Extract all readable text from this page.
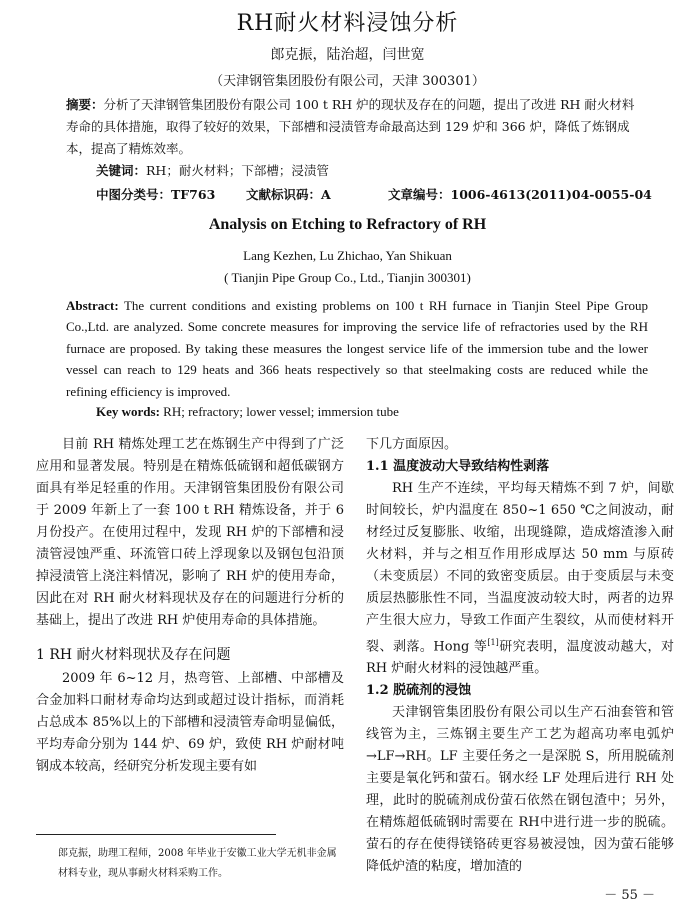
RH耐火材料浸蚀分析
郎克振，陆治超，闫世宽
（天津钢管集团股份有限公司，天津 300301）
摘要：分析了天津钢管集团股份有限公司 100 t RH 炉的现状及存在的问题，提出了改进 RH 耐火材料寿命的具体措施，取得了较好的效果，下部槽和浸渍管寿命最高达到 129 炉和 366 炉，降低了炼钢成本，提高了精炼效率。
关键词：RH；耐火材料；下部槽；浸渍管
中图分类号：TF763 文献标识码：A	文章编号：1006-4613(2011)04-0055-04
Analysis on Etching to Refractory of RH
Lang Kezhen, Lu Zhichao, Yan Shikuan
( Tianjin Pipe Group Co., Ltd., Tianjin 300301)
Abstract: The current conditions and existing problems on 100 t RH furnace in Tianjin Steel Pipe Group Co.,Ltd. are analyzed. Some concrete measures for improving the service life of refractories used by the RH furnace are proposed. By taking these measures the longest service life of the immersion tube and the lower vessel can reach to 129 heats and 366 heats respectively so that steelmaking costs are reduced while the refining efficiency is improved.
Key words: RH; refractory; lower vessel; immersion tube
目前 RH 精炼处理工艺在炼钢生产中得到了广泛应用和显著发展。特别是在精炼低硫钢和超低碳钢方面具有举足轻重的作用。天津钢管集团股份有限公司于 2009 年新上了一套 100 t RH 精炼设备，并于 6 月份投产。在使用过程中，发现 RH 炉的下部槽和浸渍管浸蚀严重、环流管口砖上浮现象以及钢包包沿顶掉浸渍管上浇注料情况，影响了 RH 炉的使用寿命，因此在对 RH 耐火材料现状及存在的问题进行分析的基础上，提出了改进 RH 炉使用寿命的具体措施。
1 RH 耐火材料现状及存在问题
2009 年 6~12 月，热弯管、上部槽、中部槽及合金加料口耐材寿命均达到或超过设计指标，而消耗占总成本 85%以上的下部槽和浸渍管寿命明显偏低，平均寿命分别为 144 炉、69 炉，致使 RH 炉耐材吨钢成本较高，经研究分析发现主要有如
下几方面原因。
1.1 温度波动大导致结构性剥落
RH 生产不连续，平均每天精炼不到 7 炉，间歇时间较长，炉内温度在 850~1 650 ℃之间波动，耐材经过反复膨胀、收缩，出现缝隙，造成熔渣渗入耐火材料，并与之相互作用形成厚达 50 mm 与原砖（未变质层）不同的致密变质层。由于变质层与未变质层热膨胀性不同，当温度波动较大时，两者的边界产生很大应力，导致工作面产生裂纹，从而使材料开裂、剥落。Hong 等[1]研究表明，温度波动越大，对 RH 炉耐火材料的浸蚀越严重。
1.2 脱硫剂的浸蚀
天津钢管集团股份有限公司以生产石油套管和管线管为主，三炼钢主要生产工艺为超高功率电弧炉→LF→RH。LF 主要任务之一是深脱 S，所用脱硫剂主要是氧化钙和萤石。钢水经 LF 处理后进行 RH 处理，此时的脱硫剂成份萤石依然在钢包渣中；另外，在精炼超低硫钢时需要在 RH中进行进一步的脱硫。萤石的存在使得镁铬砖更容易被浸蚀，因为萤石能够降低炉渣的粘度，增加渣的
郎克振，助理工程师，2008 年毕业于安徽工业大学无机非金属材料专业，现从事耐火材料采购工作。
－ 55 －
